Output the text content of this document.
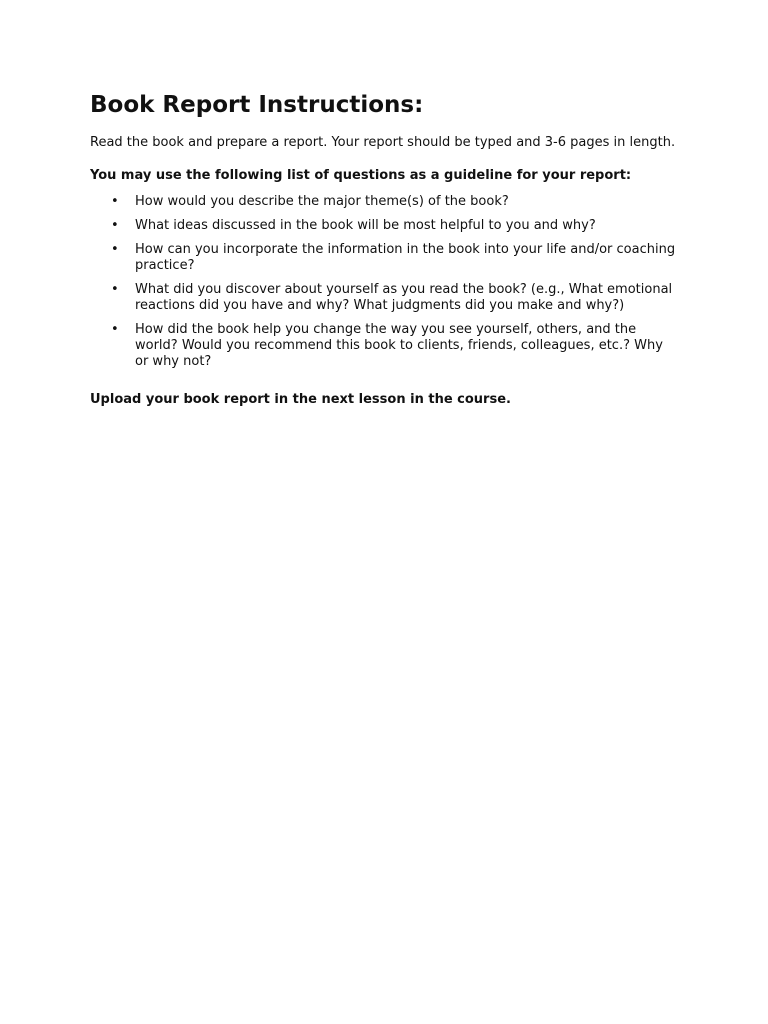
Book Report Instructions:

Read the book and prepare a report. Your report should be typed and 3-6 pages in length.

You may use the following list of questions as a guideline for your report:

• How would you describe the major theme(s) of the book?
• What ideas discussed in the book will be most helpful to you and why?
• How can you incorporate the information in the book into your life and/or coaching practice?
• What did you discover about yourself as you read the book? (e.g., What emotional reactions did you have and why? What judgments did you make and why?)
• How did the book help you change the way you see yourself, others, and the world? Would you recommend this book to clients, friends, colleagues, etc.? Why or why not?

Upload your book report in the next lesson in the course.
